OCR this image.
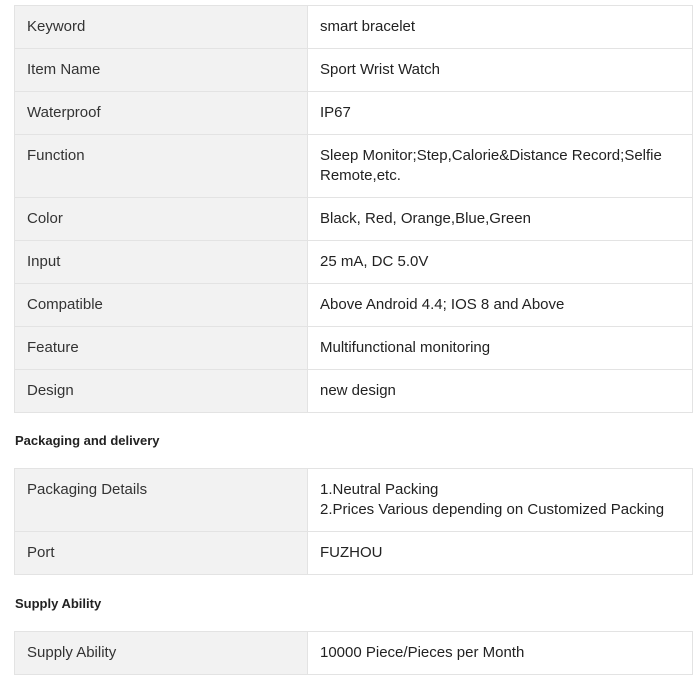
Keyword	smart bracelet
Item Name	Sport Wrist Watch
Waterproof	IP67
Function	Sleep Monitor;Step,Calorie&Distance Record;Selfie Remote,etc.
Color	Black, Red, Orange,Blue,Green
Input	25 mA, DC 5.0V
Compatible	Above Android 4.4; IOS 8 and Above
Feature	Multifunctional monitoring
Design	new design
Packaging and delivery
Packaging Details	1.Neutral Packing
2.Prices Various depending on Customized Packing

Port	FUZHOU
Supply Ability
Supply Ability	10000 Piece/Pieces per Month
